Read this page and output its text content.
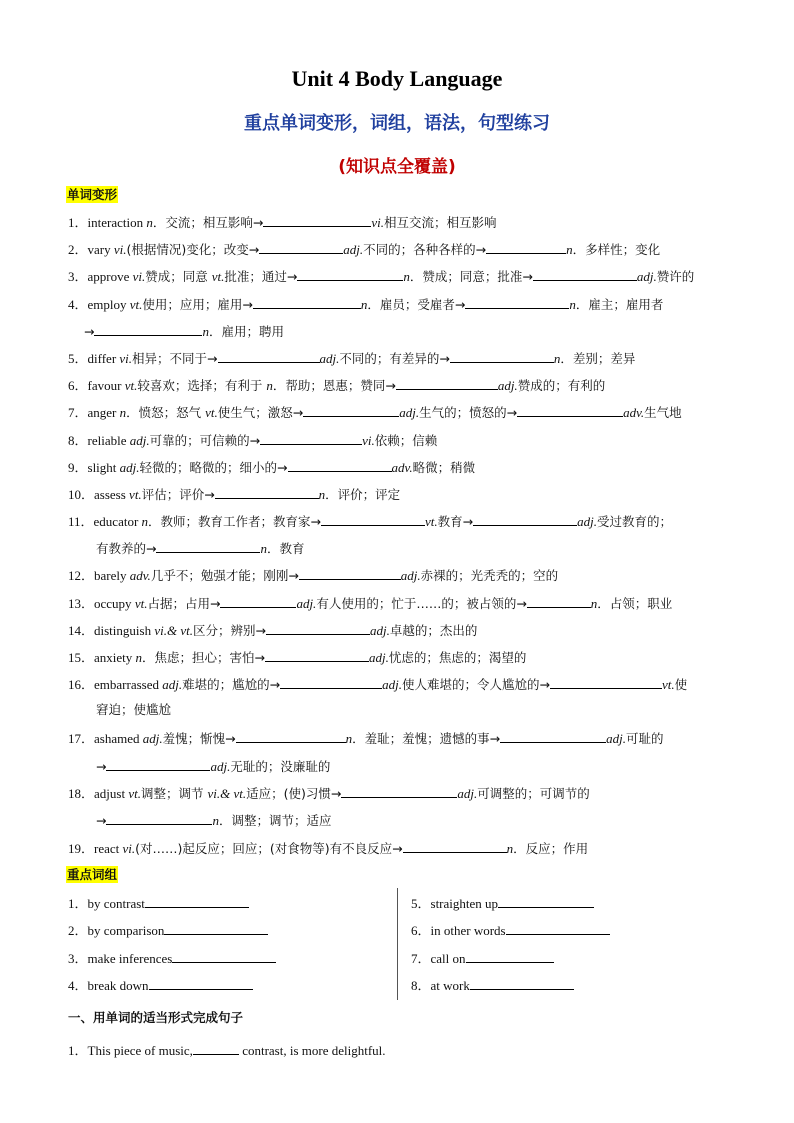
Unit 4 Body Language
重点单词变形，词组，语法，句型练习
(知识点全覆盖)
单词变形
1．interaction n．交流；相互影响→	vi.相互交流；相互影响
2．vary vi.(根据情况)变化；改变→	adj.不同的；各种各样的→	n．多样性；变化
3．approve vi.赞成；同意 vt.批准；通过→	n．赞成；同意；批准→	adj.赞许的
4．employ vt.使用；应用；雇用→	n．雇员；受雇者→	n．雇主；雇用者
→	n．雇用；聘用
5．differ vi.相异；不同于→	adj.不同的；有差异的→	n．差别；差异
6．favour vt.较喜欢；选择；有利于 n．帮助；恩惠；赞同→	adj.赞成的；有利的
7．anger n．愤怒；怒气 vt.使生气；激怒→	adj.生气的；愤怒的→	adv.生气地
8．reliable adj.可靠的；可信赖的→	vi.依赖；信赖
9．slight adj.轻微的；略微的；细小的→	adv.略微；稍微
10．assess vt.评估；评价→	n．评价；评定
11．educator n．教师；教育工作者；教育家→	vt.教育→	adj.受过教育的；
有教养的→	n．教育
12．barely adv.几乎不；勉强才能；刚刚→	adj.赤裸的；光秃秃的；空的
13．occupy vt.占据；占用→	adj.有人使用的；忙于……的；被占领的→	n．占领；职业
14．distinguish vi.& vt.区分；辨别→	adj.卓越的；杰出的
15．anxiety n．焦虑；担心；害怕→	adj.忧虑的；焦虑的；渴望的
16．embarrassed adj.难堪的；尴尬的→	adj.使人难堪的；令人尴尬的→	vt.使
窘迫；使尴尬
17．ashamed adj.羞愧；惭愧→	n．羞耻；羞愧；遗憾的事→	adj.可耻的
→	adj.无耻的；没廉耻的
18．adjust vt.调整；调节 vi.& vt.适应；(使)习惯→	adj.可调整的；可调节的
→	n．调整；调节；适应
19．react vi.(对……)起反应；回应；(对食物等)有不良反应→	n．反应；作用
重点词组
1．by contrast
2．by comparison
3．make inferences
4．break down
5．straighten up
6．in other words
7．call on
8．at work
一、用单词的适当形式完成句子
1．This piece of music,	contrast, is more delightful.
